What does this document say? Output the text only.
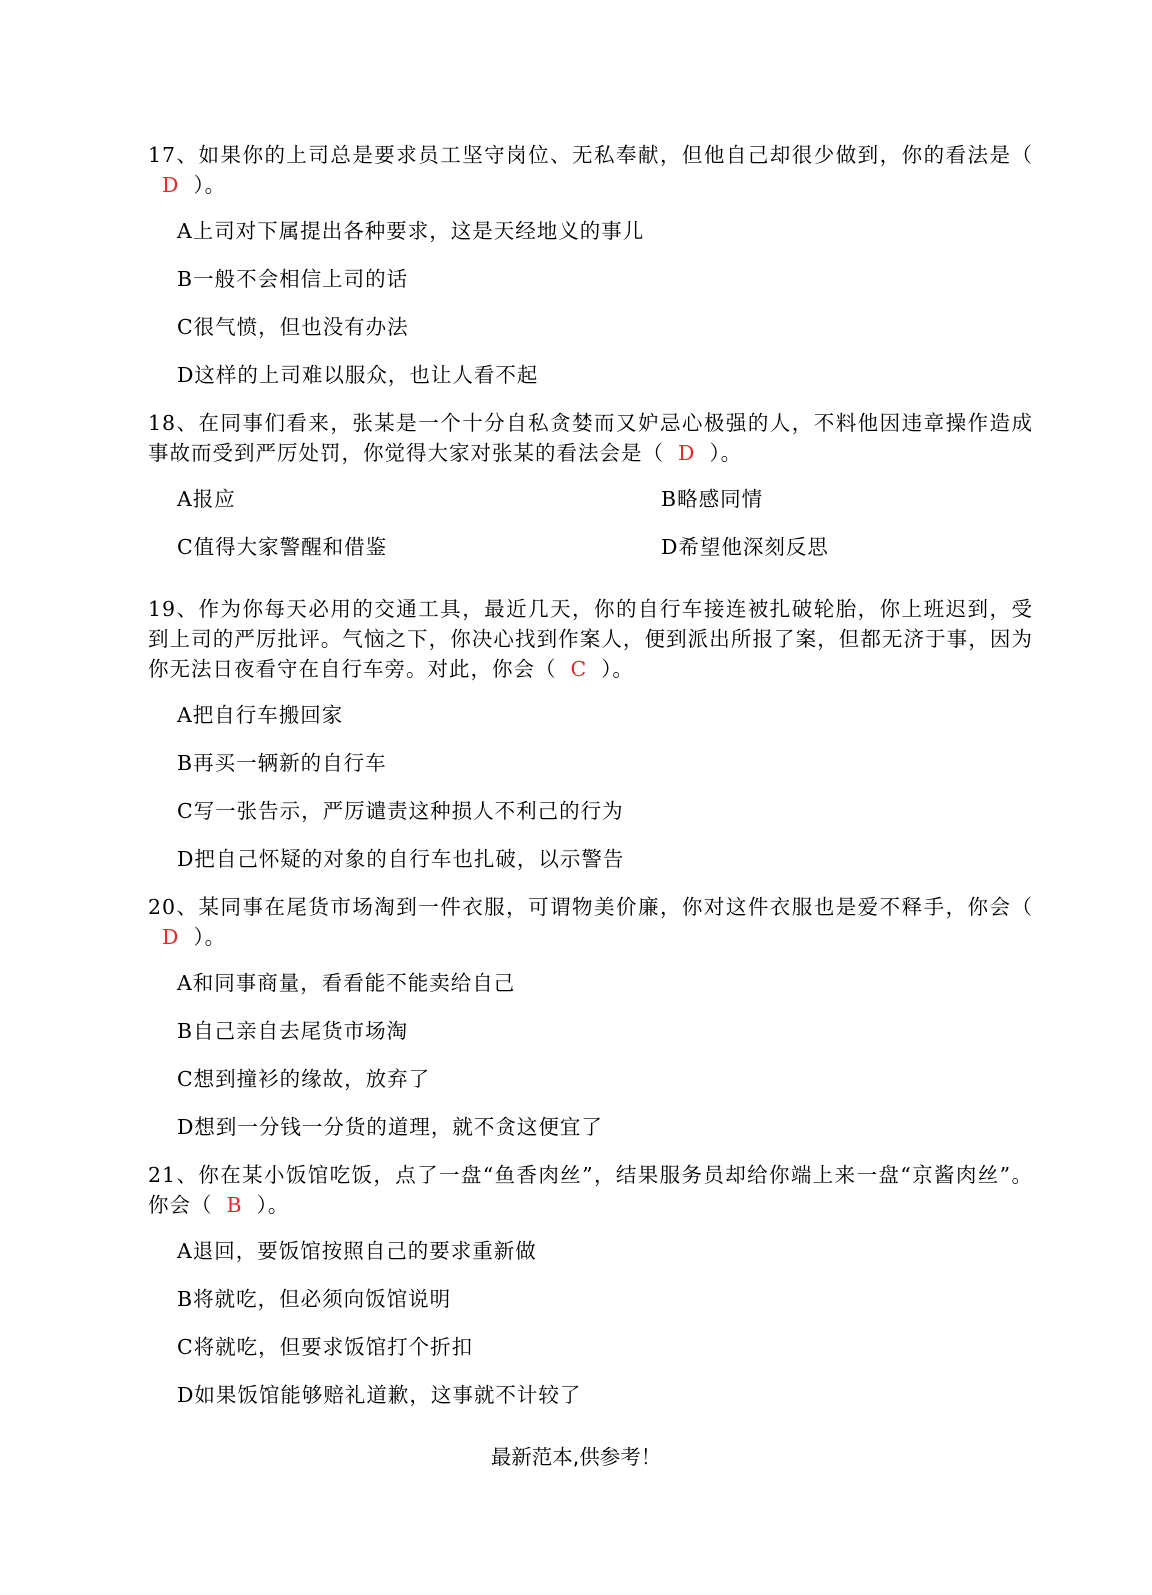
17、如果你的上司总是要求员工坚守岗位、无私奉献，但他自己却很少做到，你的看法是（D ）。

A上司对下属提出各种要求，这是天经地义的事儿
B一般不会相信上司的话
C很气愤，但也没有办法
D这样的上司难以服众，也让人看不起

18、在同事们看来，张某是一个十分自私贪婪而又妒忌心极强的人，不料他因违章操作造成事故而受到严厉处罚，你觉得大家对张某的看法会是（ D ）。

A报应	B略感同情
C值得大家警醒和借鉴	D希望他深刻反思

19、作为你每天必用的交通工具，最近几天，你的自行车接连被扎破轮胎，你上班迟到，受到上司的严厉批评。气恼之下，你决心找到作案人，便到派出所报了案，但都无济于事，因为你无法日夜看守在自行车旁。对此，你会（ C ）。

A把自行车搬回家
B再买一辆新的自行车
C写一张告示，严厉谴责这种损人不利己的行为
D把自己怀疑的对象的自行车也扎破，以示警告

20、某同事在尾货市场淘到一件衣服，可谓物美价廉，你对这件衣服也是爱不释手，你会（D ）。

A和同事商量，看看能不能卖给自己
B自己亲自去尾货市场淘
C想到撞衫的缘故，放弃了
D想到一分钱一分货的道理，就不贪这便宜了

21、你在某小饭馆吃饭，点了一盘“鱼香肉丝”，结果服务员却给你端上来一盘“京酱肉丝”。你会（ B ）。

A退回，要饭馆按照自己的要求重新做
B将就吃，但必须向饭馆说明
C将就吃，但要求饭馆打个折扣
D如果饭馆能够赔礼道歉，这事就不计较了
最新范本,供参考！
